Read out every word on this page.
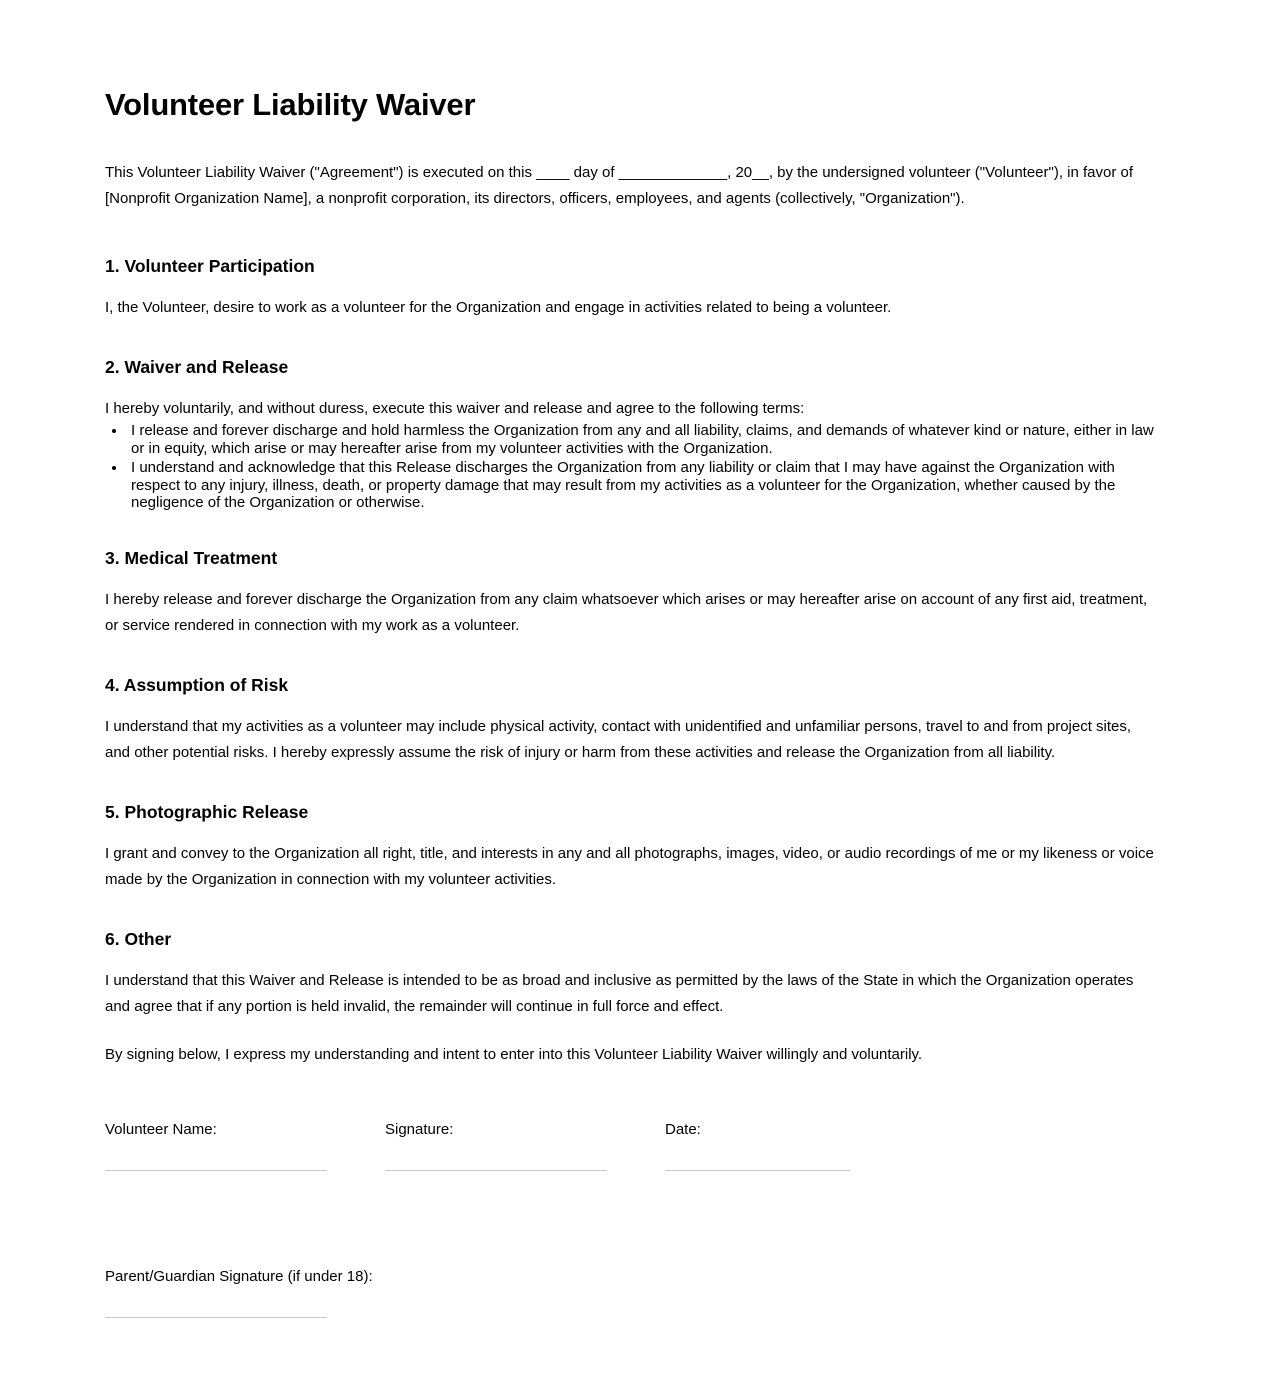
Volunteer Liability Waiver

This Volunteer Liability Waiver ("Agreement") is executed on this ____ day of _____________, 20__, by the undersigned volunteer ("Volunteer"), in favor of [Nonprofit Organization Name], a nonprofit corporation, its directors, officers, employees, and agents (collectively, "Organization").

1. Volunteer Participation

I, the Volunteer, desire to work as a volunteer for the Organization and engage in activities related to being a volunteer.

2. Waiver and Release

I hereby voluntarily, and without duress, execute this waiver and release and agree to the following terms:

• I release and forever discharge and hold harmless the Organization from any and all liability, claims, and demands of whatever kind or nature, either in law or in equity, which arise or may hereafter arise from my volunteer activities with the Organization.
• I understand and acknowledge that this Release discharges the Organization from any liability or claim that I may have against the Organization with respect to any injury, illness, death, or property damage that may result from my activities as a volunteer for the Organization, whether caused by the negligence of the Organization or otherwise.
3. Medical Treatment

I hereby release and forever discharge the Organization from any claim whatsoever which arises or may hereafter arise on account of any first aid, treatment, or service rendered in connection with my work as a volunteer.

4. Assumption of Risk

I understand that my activities as a volunteer may include physical activity, contact with unidentified and unfamiliar persons, travel to and from project sites, and other potential risks. I hereby expressly assume the risk of injury or harm from these activities and release the Organization from all liability.

5. Photographic Release

I grant and convey to the Organization all right, title, and interests in any and all photographs, images, video, or audio recordings of me or my likeness or voice made by the Organization in connection with my volunteer activities.

6. Other

I understand that this Waiver and Release is intended to be as broad and inclusive as permitted by the laws of the State in which the Organization operates and agree that if any portion is held invalid, the remainder will continue in full force and effect.

By signing below, I express my understanding and intent to enter into this Volunteer Liability Waiver willingly and voluntarily.

Volunteer Name:	Signature:	Date:
Parent/Guardian Signature (if under 18):
